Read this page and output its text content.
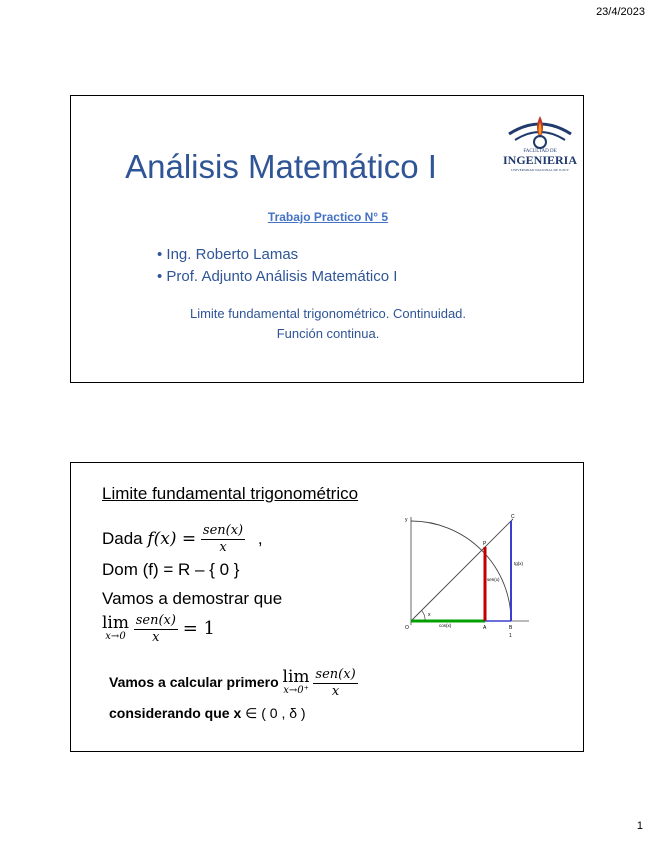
23/4/2023
FACULTAD DE
INGENIERIA
UNIVERSIDAD NACIONAL DE JUJUY
Análisis Matemático I
Trabajo Practico N° 5
• Ing. Roberto Lamas
• Prof. Adjunto Análisis Matemático I
Limite fundamental trigonométrico. Continuidad.
Función continua.
Limite fundamental trigonométrico
Dada $f(x) = \frac{\text{sen(x)}}{x}$ ,
Dom (f) = R – { 0 }
Vamos a demostrar que
lim
x→0
$\frac{\text{sen(x)}}{x} = 1$
Vamos a calcular primero lim
x→0⁺
$\frac{\text{sen(x)}}{x}$
considerando que x ∈ ( 0 , δ )
O	A	B
P
C
y
1
x
sen(x)
tg(x)
cos(x)
1
